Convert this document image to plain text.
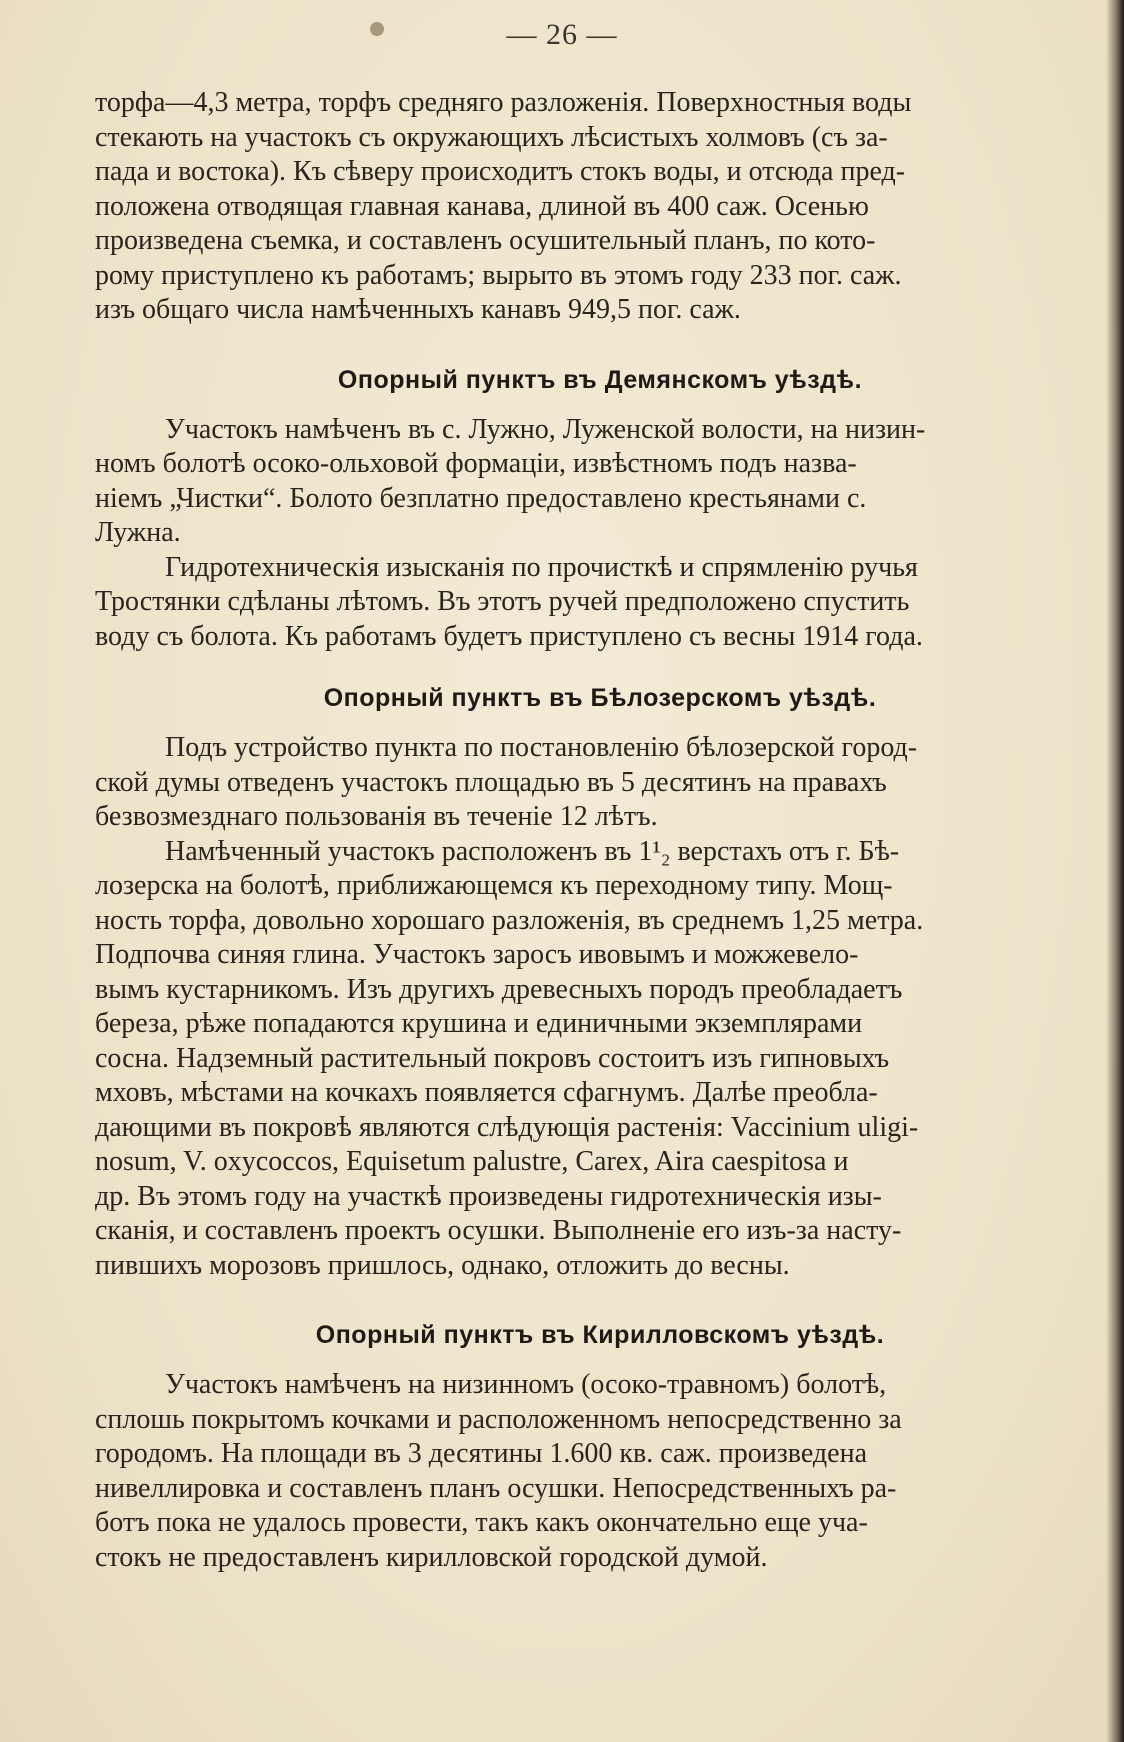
— 26 —
торфа—4,3 метра, торфъ средняго разложенія. Поверхностныя воды
стекають на участокъ съ окружающихъ лѣсистыхъ холмовъ (съ за-
пада и востока). Къ сѣверу происходитъ стокъ воды, и отсюда пред-
положена отводящая главная канава, длиной въ 400 саж. Осенью
произведена съемка, и составленъ осушительный планъ, по кото-
рому приступлено къ работамъ; вырыто въ этомъ году 233 пог. саж.
изъ общаго числа намѣченныхъ канавъ 949,5 пог. саж.
Опорный пунктъ въ Демянскомъ уѣздѣ.
Участокъ намѣченъ въ с. Лужно, Луженской волости, на низин-
номъ болотѣ осоко-ольховой формаціи, извѣстномъ подъ назва-
ніемъ „Чистки“. Болото безплатно предоставлено крестьянами с.
Лужна.
Гидротехническія изысканія по прочисткѣ и спрямленію ручья
Тростянки сдѣланы лѣтомъ. Въ этотъ ручей предположено спустить
воду съ болота. Къ работамъ будетъ приступлено съ весны 1914 года.
Опорный пунктъ въ Бѣлозерскомъ уѣздѣ.
Подъ устройство пункта по постановленію бѣлозерской город-
ской думы отведенъ участокъ площадью въ 5 десятинъ на правахъ
безвозмезднаго пользованія въ теченіе 12 лѣтъ.
Намѣченный участокъ расположенъ въ 1¹₂ верстахъ отъ г. Бѣ-
лозерска на болотѣ, приближающемся къ переходному типу. Мощ-
ность торфа, довольно хорошаго разложенія, въ среднемъ 1,25 метра.
Подпочва синяя глина. Участокъ заросъ ивовымъ и можжевело-
вымъ кустарникомъ. Изъ другихъ древесныхъ породъ преобладаетъ
береза, рѣже попадаются крушина и единичными экземплярами
сосна. Надземный растительный покровъ состоитъ изъ гипновыхъ
мховъ, мѣстами на кочкахъ появляется сфагнумъ. Далѣе преобла-
дающими въ покровѣ являются слѣдующія растенія: Vaccinium uligi-
nosum, V. oxycoccos, Equisetum palustre, Carex, Aira caespitosa и
др. Въ этомъ году на участкѣ произведены гидротехническія изы-
сканія, и составленъ проектъ осушки. Выполненіе его изъ-за насту-
пившихъ морозовъ пришлось, однако, отложить до весны.
Опорный пунктъ въ Кирилловскомъ уѣздѣ.
Участокъ намѣченъ на низинномъ (осоко-травномъ) болотѣ,
сплошь покрытомъ кочками и расположенномъ непосредственно за
городомъ. На площади въ 3 десятины 1.600 кв. саж. произведена
нивеллировка и составленъ планъ осушки. Непосредственныхъ ра-
ботъ пока не удалось провести, такъ какъ окончательно еще уча-
стокъ не предоставленъ кирилловской городской думой.
